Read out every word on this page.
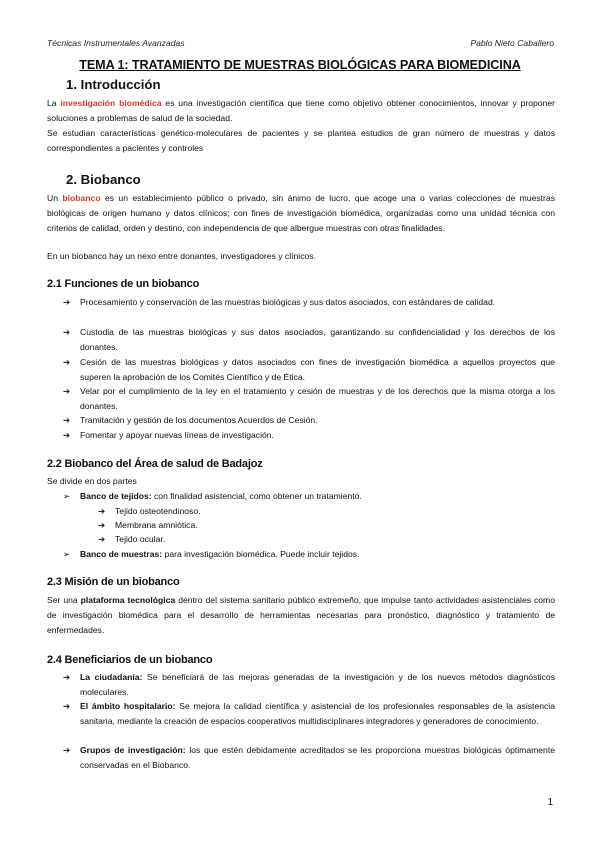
Técnicas Instrumentales Avanzadas	Pablo Nieto Caballero
TEMA 1: TRATAMIENTO DE MUESTRAS BIOLÓGICAS PARA BIOMEDICINA
1. Introducción
La investigación biomédica es una investigación científica que tiene como objetivo obtener conocimientos, innovar y proponer soluciones a problemas de salud de la sociedad.
Se estudian características genético-moleculares de pacientes y se plantea estudios de gran número de muestras y datos correspondientes a pacientes y controles
2. Biobanco
Un biobanco es un establecimiento público o privado, sin ánimo de lucro, que acoge una o varias colecciones de muestras biológicas de origen humano y datos clínicos; con fines de investigación biomédica, organizadas como una unidad técnica con criterios de calidad, orden y destino, con independencia de que albergue muestras con otras finalidades.
En un biobanco hay un nexo entre donantes, investigadores y clínicos.
2.1 Funciones de un biobanco
➔ Procesamiento y conservación de las muestras biológicas y sus datos asociados, con estándares de calidad.
➔ Custodia de las muestras biológicas y sus datos asociados, garantizando su confidencialidad y los derechos de los donantes.
➔ Cesión de las muestras biológicas y datos asociados con fines de investigación biomédica a aquellos proyectos que superen la aprobación de los Comités Científico y de Ética.
➔ Velar por el cumplimiento de la ley en el tratamiento y cesión de muestras y de los derechos que la misma otorga a los donantes.
➔ Tramitación y gestión de los documentos Acuerdos de Cesión.
➔ Fomentar y apoyar nuevas líneas de investigación.
2.2 Biobanco del Área de salud de Badajoz
Se divide en dos partes
➢ Banco de tejidos: con finalidad asistencial, como obtener un tratamiento.
➔ Tejido osteotendinoso.
➔ Membrana amniótica.
➔ Tejido ocular.
➢ Banco de muestras: para investigación biomédica. Puede incluir tejidos.
2.3 Misión de un biobanco
Ser una plataforma tecnológica dentro del sistema sanitario público extremeño, que impulse tanto actividades asistenciales como de investigación biomédica para el desarrollo de herramientas necesarias para pronóstico, diagnóstico y tratamiento de enfermedades.
2.4 Beneficiarios de un biobanco
➔ La ciudadanía: Se beneficiará de las mejoras generadas de la investigación y de los nuevos métodos diagnósticos moleculares.
➔ El ámbito hospitalario: Se mejora la calidad científica y asistencial de los profesionales responsables de la asistencia sanitaria, mediante la creación de espacios cooperativos multidisciplinares integradores y generadores de conocimiento.
➔ Grupos de investigación: los que estén debidamente acreditados se les proporciona muestras biológicas óptimamente conservadas en el Biobanco.
1
